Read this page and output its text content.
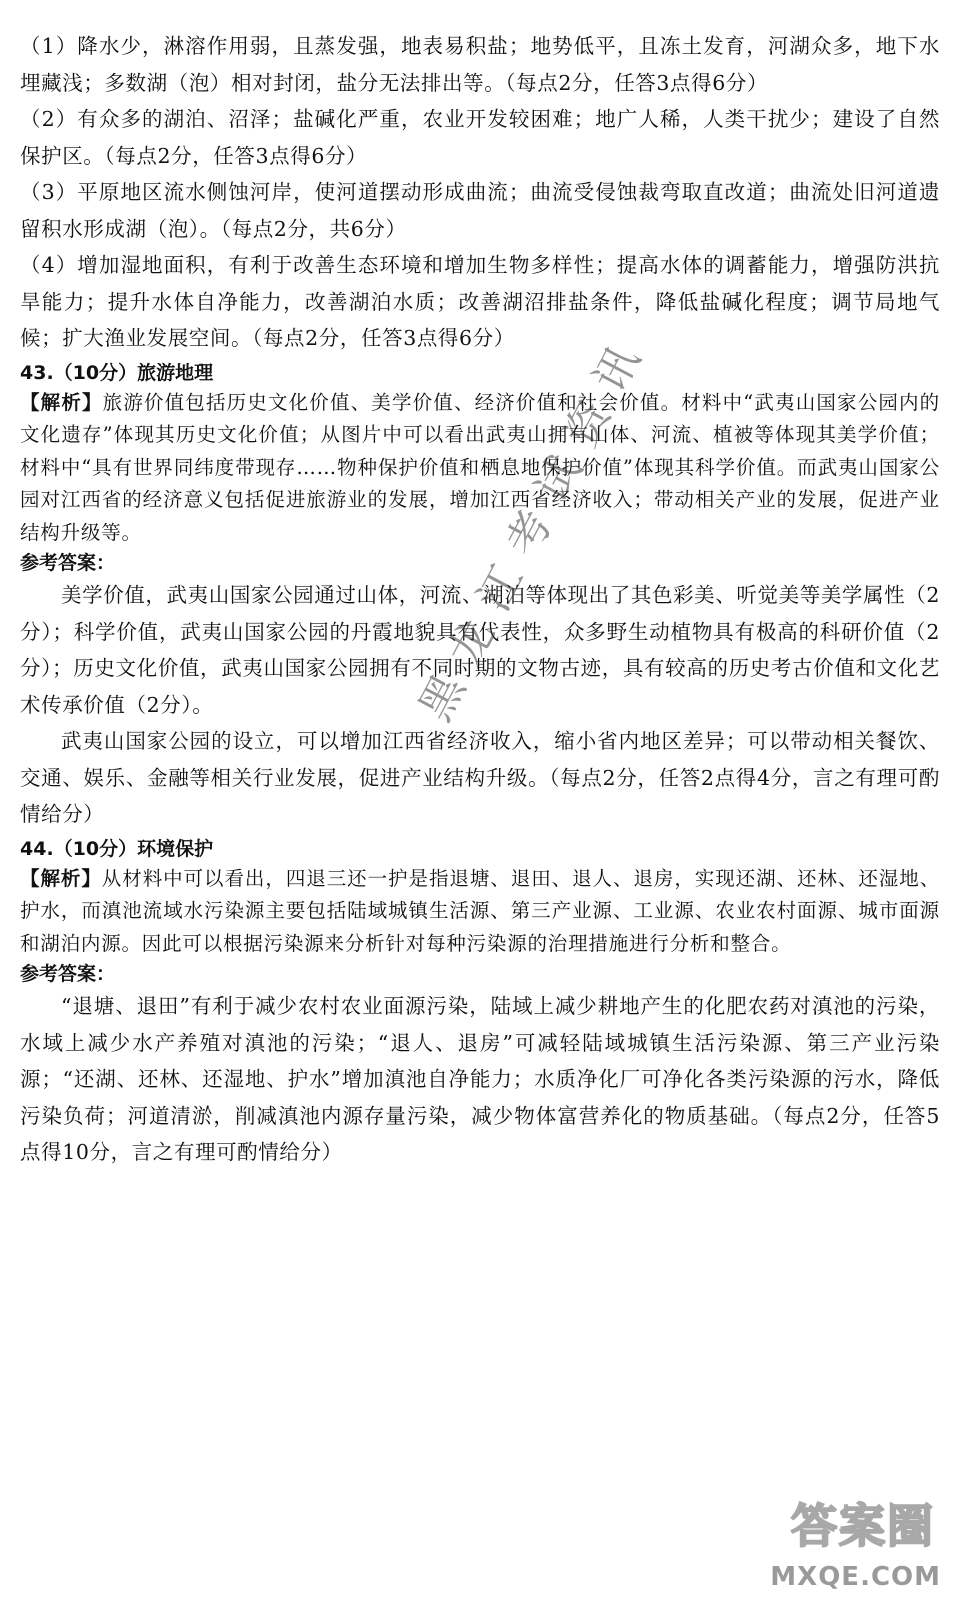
（1）降水少，淋溶作用弱，且蒸发强，地表易积盐；地势低平，且冻土发育，河湖众多，地下水埋藏浅；多数湖（泡）相对封闭，盐分无法排出等。（每点2分，任答3点得6分）

（2）有众多的湖泊、沼泽；盐碱化严重，农业开发较困难；地广人稀，人类干扰少；建设了自然保护区。（每点2分，任答3点得6分）

（3）平原地区流水侧蚀河岸，使河道摆动形成曲流；曲流受侵蚀裁弯取直改道；曲流处旧河道遗留积水形成湖（泡）。（每点2分，共6分）

（4）增加湿地面积，有利于改善生态环境和增加生物多样性；提高水体的调蓄能力，增强防洪抗旱能力；提升水体自净能力，改善湖泊水质；改善湖沼排盐条件，降低盐碱化程度；调节局地气候；扩大渔业发展空间。（每点2分，任答3点得6分）

43.（10分）旅游地理

【解析】旅游价值包括历史文化价值、美学价值、经济价值和社会价值。材料中“武夷山国家公园内的文化遗存”体现其历史文化价值；从图片中可以看出武夷山拥有山体、河流、植被等体现其美学价值；材料中“具有世界同纬度带现存……物种保护价值和栖息地保护价值”体现其科学价值。而武夷山国家公园对江西省的经济意义包括促进旅游业的发展，增加江西省经济收入；带动相关产业的发展，促进产业结构升级等。

参考答案：

美学价值，武夷山国家公园通过山体，河流、湖泊等体现出了其色彩美、听觉美等美学属性（2分）；科学价值，武夷山国家公园的丹霞地貌具有代表性，众多野生动植物具有极高的科研价值（2分）；历史文化价值，武夷山国家公园拥有不同时期的文物古迹，具有较高的历史考古价值和文化艺术传承价值（2分）。

武夷山国家公园的设立，可以增加江西省经济收入，缩小省内地区差异；可以带动相关餐饮、交通、娱乐、金融等相关行业发展，促进产业结构升级。（每点2分，任答2点得4分，言之有理可酌情给分）

44.（10分）环境保护

【解析】从材料中可以看出，四退三还一护是指退塘、退田、退人、退房，实现还湖、还林、还湿地、护水，而滇池流域水污染源主要包括陆域城镇生活源、第三产业源、工业源、农业农村面源、城市面源和湖泊内源。因此可以根据污染源来分析针对每种污染源的治理措施进行分析和整合。

参考答案：

“退塘、退田”有利于减少农村农业面源污染，陆域上减少耕地产生的化肥农药对滇池的污染，水域上减少水产养殖对滇池的污染；“退人、退房”可减轻陆域城镇生活污染源、第三产业污染源；“还湖、还林、还湿地、护水”增加滇池自净能力；水质净化厂可净化各类污染源的污水，降低污染负荷；河道清淤，削减滇池内源存量污染，减少物体富营养化的物质基础。（每点2分，任答5点得10分，言之有理可酌情给分）

黑龙江考试资讯
答案圈
MXQE.COM
